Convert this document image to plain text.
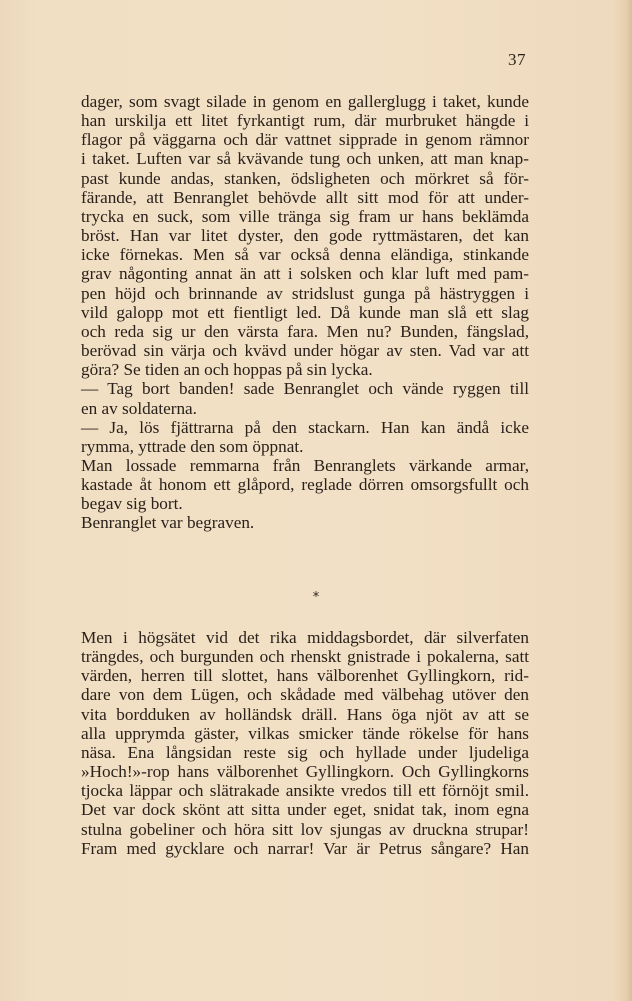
37

dager, som svagt silade in genom en gallerglugg i taket, kunde

han urskilja ett litet fyrkantigt rum, där murbruket hängde i

flagor på väggarna och där vattnet sipprade in genom rämnor

i taket. Luften var så kvävande tung och unken, att man knap-

past kunde andas, stanken, ödsligheten och mörkret så för-

färande, att Benranglet behövde allt sitt mod för att under-

trycka en suck, som ville tränga sig fram ur hans beklämda

bröst. Han var litet dyster, den gode ryttmästaren, det kan

icke förnekas. Men så var också denna eländiga, stinkande

grav någonting annat än att i solsken och klar luft med pam-

pen höjd och brinnande av stridslust gunga på hästryggen i

vild galopp mot ett fientligt led. Då kunde man slå ett slag

och reda sig ur den värsta fara. Men nu? Bunden, fängslad,

berövad sin värja och kvävd under högar av sten. Vad var att

göra? Se tiden an och hoppas på sin lycka.

— Tag bort banden! sade Benranglet och vände ryggen till

en av soldaterna.

— Ja, lös fjättrarna på den stackarn. Han kan ändå icke

rymma, yttrade den som öppnat.

Man lossade remmarna från Benranglets värkande armar,

kastade åt honom ett glåpord, reglade dörren omsorgsfullt och

begav sig bort.

Benranglet var begraven.

*

Men i högsätet vid det rika middagsbordet, där silverfaten

trängdes, och burgunden och rhenskt gnistrade i pokalerna, satt

värden, herren till slottet, hans välborenhet Gyllingkorn, rid-

dare von dem Lügen, och skådade med välbehag utöver den

vita bordduken av holländsk dräll. Hans öga njöt av att se

alla upprymda gäster, vilkas smicker tände rökelse för hans

näsa. Ena långsidan reste sig och hyllade under ljudeliga

»Hoch!»-rop hans välborenhet Gyllingkorn. Och Gyllingkorns

tjocka läppar och slätrakade ansikte vredos till ett förnöjt smil.

Det var dock skönt att sitta under eget, snidat tak, inom egna

stulna gobeliner och höra sitt lov sjungas av druckna strupar!

Fram med gycklare och narrar! Var är Petrus sångare? Han
